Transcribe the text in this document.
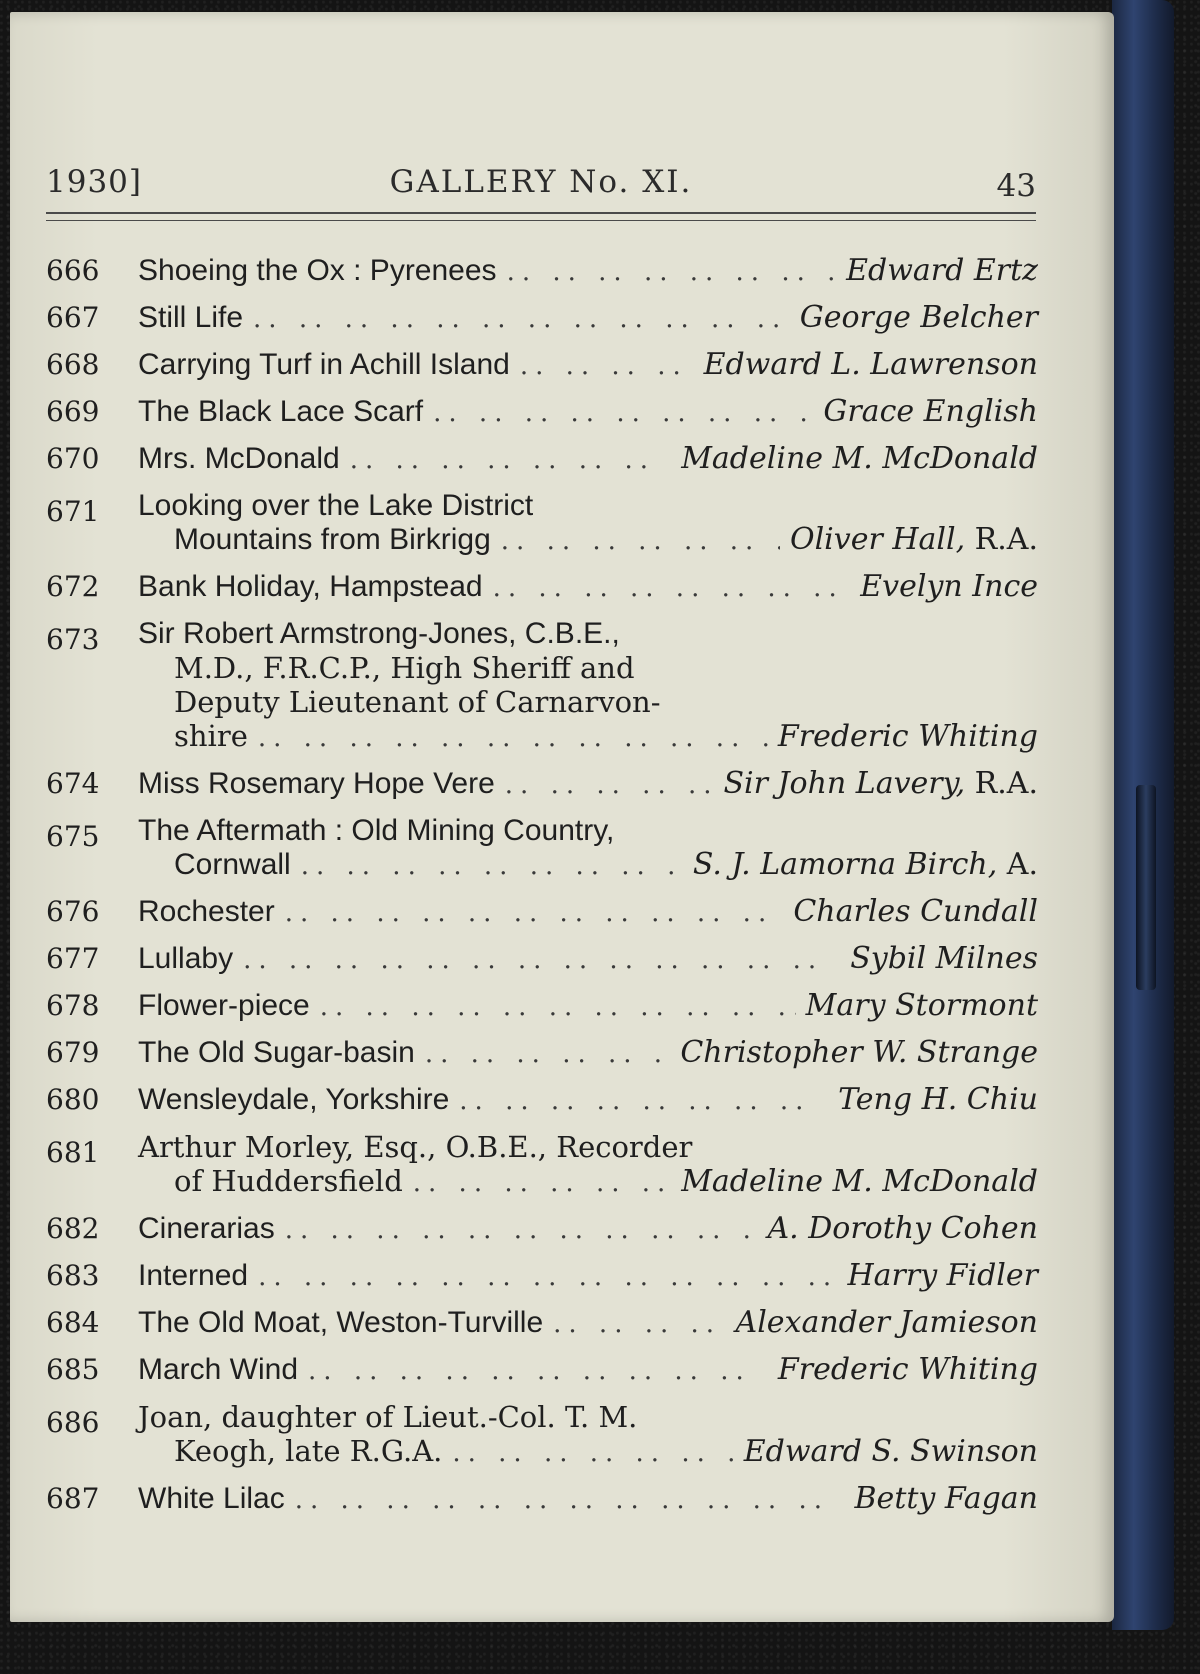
1930]	GALLERY No. XI.	43
666	Shoeing the Ox : Pyrenees .. ..	Edward Ertz
667	Still Life .. ..	George Belcher
668	Carrying Turf in Achill Island .. ..	Edward L. Lawrenson
669	The Black Lace Scarf .. ..	Grace English
670	Mrs. McDonald .. ..	Madeline M. McDonald
671	Looking over the Lake District
Mountains from Birkrigg .. ..	Oliver Hall, R.A.
672	Bank Holiday, Hampstead .. ..	Evelyn Ince
673	Sir Robert Armstrong-Jones, C.B.E.,
M.D., F.R.C.P., High Sheriff and
Deputy Lieutenant of Carnarvon-
shire .. ..	Frederic Whiting
674	Miss Rosemary Hope Vere .. ..	Sir John Lavery, R.A.
675	The Aftermath : Old Mining Country,
Cornwall .. ..	S. J. Lamorna Birch, A.
676	Rochester .. ..	Charles Cundall
677	Lullaby .. ..	Sybil Milnes
678	Flower-piece .. ..	Mary Stormont
679	The Old Sugar-basin .. ..	Christopher W. Strange
680	Wensleydale, Yorkshire .. ..	Teng H. Chiu
681	Arthur Morley, Esq., O.B.E., Recorder
of Huddersfield .. ..	Madeline M. McDonald
682	Cinerarias .. ..	A. Dorothy Cohen
683	Interned .. ..	Harry Fidler
684	The Old Moat, Weston-Turville .. ..	Alexander Jamieson
685	March Wind .. ..	Frederic Whiting
686	Joan, daughter of Lieut.-Col. T. M.
Keogh, late R.G.A. .. ..	Edward S. Swinson
687	White Lilac .. ..	Betty Fagan
